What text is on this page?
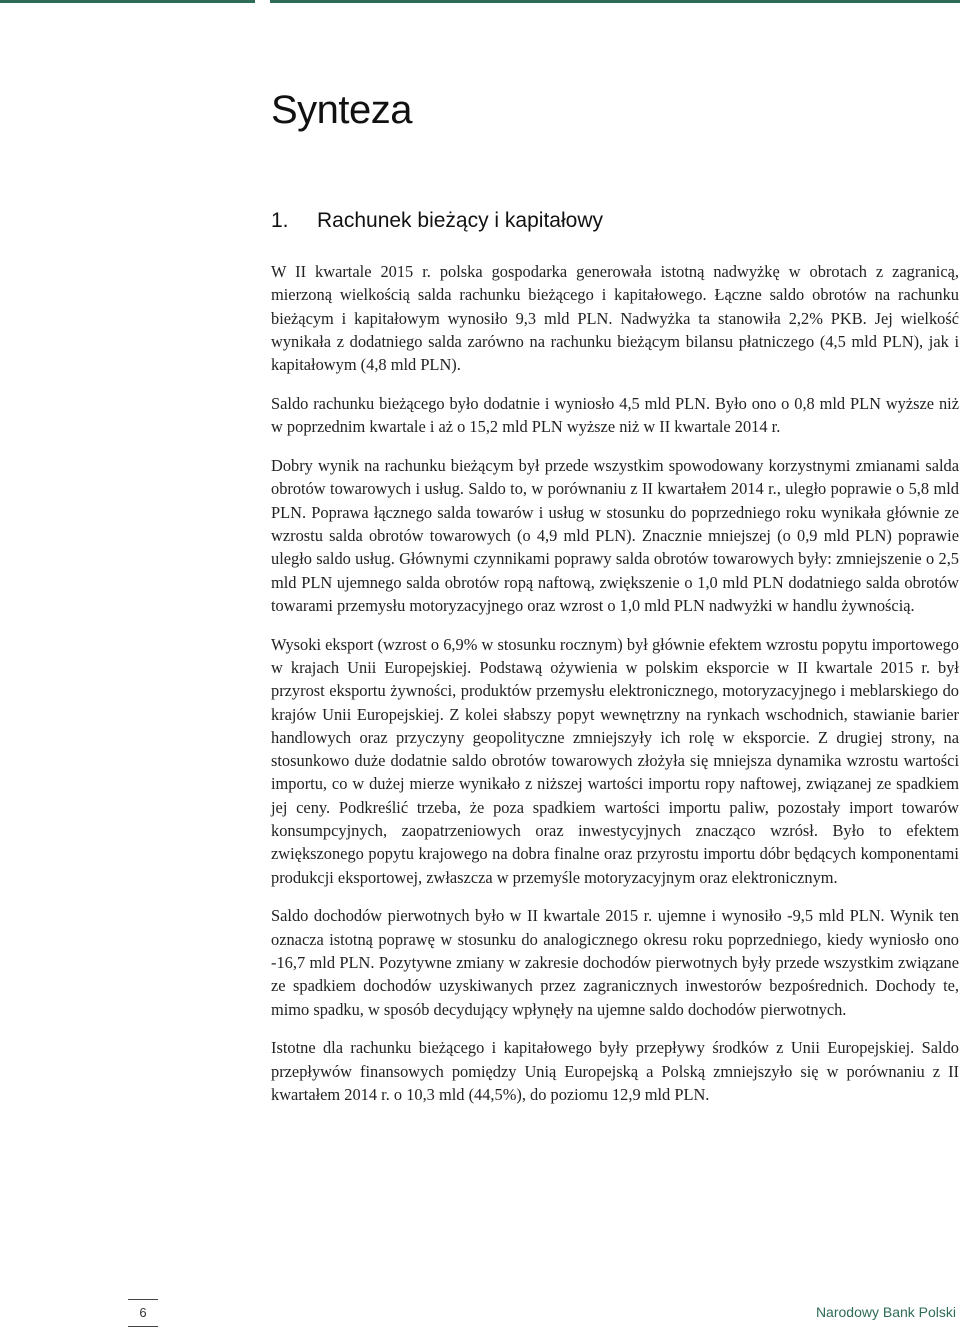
Synteza
1. Rachunek bieżący i kapitałowy

W II kwartale 2015 r. polska gospodarka generowała istotną nadwyżkę w obrotach z zagranicą, mierzoną wielkością salda rachunku bieżącego i kapitałowego. Łączne saldo obrotów na rachunku bieżącym i kapitałowym wynosiło 9,3 mld PLN. Nadwyżka ta stanowiła 2,2% PKB. Jej wielkość wynikała z dodatniego salda zarówno na rachunku bieżącym bilansu płatniczego (4,5 mld PLN), jak i kapitałowym (4,8 mld PLN).

Saldo rachunku bieżącego było dodatnie i wyniosło 4,5 mld PLN. Było ono o 0,8 mld PLN wyższe niż w poprzednim kwartale i aż o 15,2 mld PLN wyższe niż w II kwartale 2014 r.

Dobry wynik na rachunku bieżącym był przede wszystkim spowodowany korzystnymi zmianami salda obrotów towarowych i usług. Saldo to, w porównaniu z II kwartałem 2014 r., uległo poprawie o 5,8 mld PLN. Poprawa łącznego salda towarów i usług w stosunku do poprzedniego roku wynikała głównie ze wzrostu salda obrotów towarowych (o 4,9 mld PLN). Znacznie mniejszej (o 0,9 mld PLN) poprawie uległo saldo usług. Głównymi czynnikami poprawy salda obrotów towarowych były: zmniejszenie o 2,5 mld PLN ujemnego salda obrotów ropą naftową, zwiększenie o 1,0 mld PLN dodatniego salda obrotów towarami przemysłu motoryzacyjnego oraz wzrost o 1,0 mld PLN nadwyżki w handlu żywnością.

Wysoki eksport (wzrost o 6,9% w stosunku rocznym) był głównie efektem wzrostu popytu importowego w krajach Unii Europejskiej. Podstawą ożywienia w polskim eksporcie w II kwartale 2015 r. był przyrost eksportu żywności, produktów przemysłu elektronicznego, motoryzacyjnego i meblarskiego do krajów Unii Europejskiej. Z kolei słabszy popyt wewnętrzny na rynkach wschodnich, stawianie barier handlowych oraz przyczyny geopolityczne zmniejszyły ich rolę w eksporcie. Z drugiej strony, na stosunkowo duże dodatnie saldo obrotów towarowych złożyła się mniejsza dynamika wzrostu wartości importu, co w dużej mierze wynikało z niższej wartości importu ropy naftowej, związanej ze spadkiem jej ceny. Podkreślić trzeba, że poza spadkiem wartości importu paliw, pozostały import towarów konsumpcyjnych, zaopatrzeniowych oraz inwestycyjnych znacząco wzrósł. Było to efektem zwiększonego popytu krajowego na dobra finalne oraz przyrostu importu dóbr będących komponentami produkcji eksportowej, zwłaszcza w przemyśle motoryzacyjnym oraz elektronicznym.

Saldo dochodów pierwotnych było w II kwartale 2015 r. ujemne i wynosiło -9,5 mld PLN. Wynik ten oznacza istotną poprawę w stosunku do analogicznego okresu roku poprzedniego, kiedy wyniosło ono -16,7 mld PLN. Pozytywne zmiany w zakresie dochodów pierwotnych były przede wszystkim związane ze spadkiem dochodów uzyskiwanych przez zagranicznych inwestorów bezpośrednich. Dochody te, mimo spadku, w sposób decydujący wpłynęły na ujemne saldo dochodów pierwotnych.

Istotne dla rachunku bieżącego i kapitałowego były przepływy środków z Unii Europejskiej. Saldo przepływów finansowych pomiędzy Unią Europejską a Polską zmniejszyło się w porównaniu z II kwartałem 2014 r. o 10,3 mld (44,5%), do poziomu 12,9 mld PLN.

6	Narodowy Bank Polski
